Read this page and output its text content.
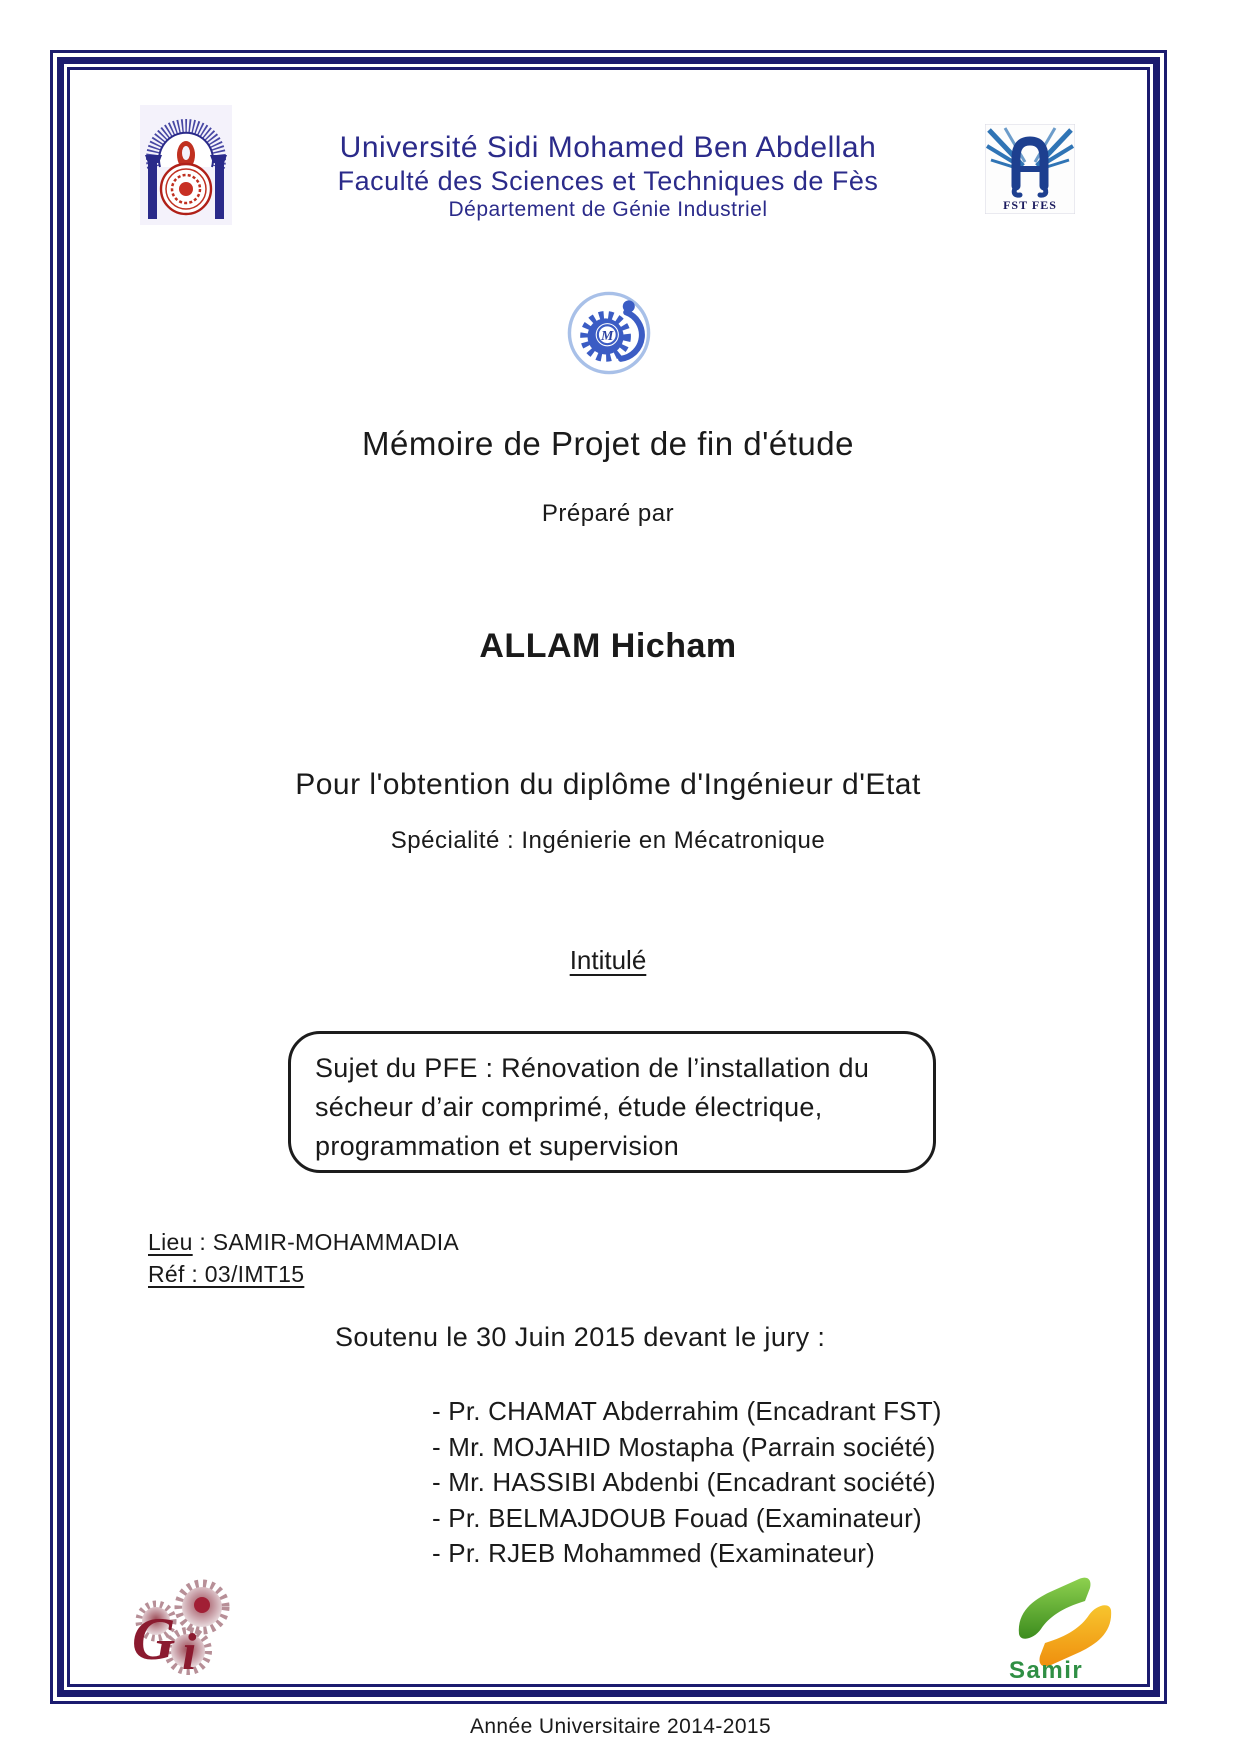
Université Sidi Mohamed Ben Abdellah
Faculté des Sciences et Techniques de Fès
Département de Génie Industriel	FST FES
M
Mémoire de Projet de fin d'étude
Préparé par
ALLAM Hicham
Pour l'obtention du diplôme d'Ingénieur d'Etat
Spécialité : Ingénierie en Mécatronique
Intitulé
Sujet du PFE : Rénovation de l’installation du sécheur d’air comprimé, étude électrique, programmation et supervision
Lieu : SAMIR-MOHAMMADIA
Réf : 03/IMT15
Soutenu le 30 Juin 2015 devant le jury :
- Pr. CHAMAT Abderrahim (Encadrant FST)
- Mr. MOJAHID Mostapha (Parrain société)
- Mr. HASSIBI Abdenbi (Encadrant société)
- Pr. BELMAJDOUB Fouad (Examinateur)
- Pr. RJEB Mohammed (Examinateur)
G i	Samir
Année Universitaire 2014-2015
